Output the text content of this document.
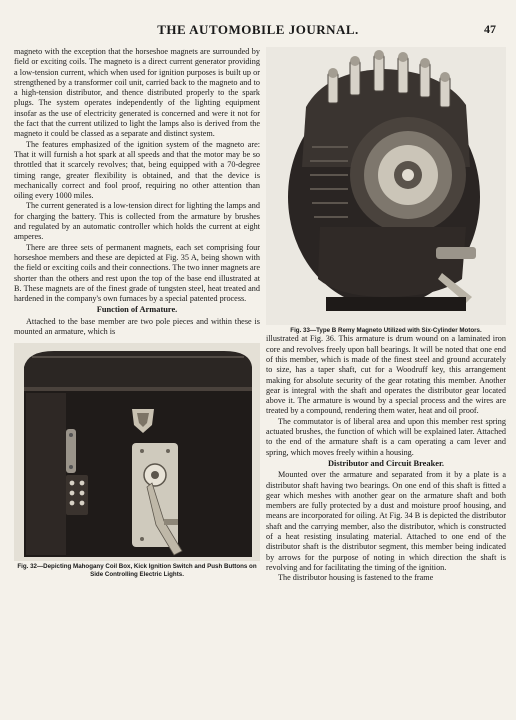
THE AUTOMOBILE JOURNAL.	47

magneto with the exception that the horseshoe magnets are surrounded by field or exciting coils. The magneto is a direct current generator providing a low-tension current, which when used for ignition purposes is built up or strengthened by a transformer coil unit, carried back to the magneto and to a high-tension distributor, and thence distributed properly to the spark plugs. The system operates independently of the lighting equipment insofar as the use of electricity generated is concerned and were it not for the fact that the current utilized to light the lamps also is derived from the magneto it could be classed as a separate and distinct system.

The features emphasized of the ignition system of the magneto are: That it will furnish a hot spark at all speeds and that the motor may be so throttled that it scarcely revolves; that, being equipped with a 70-degree timing range, greater flexibility is obtained, and that the device is mechanically correct and fool proof, requiring no other attention than oiling every 1000 miles.

The current generated is a low-tension direct for lighting the lamps and for charging the battery. This is collected from the armature by brushes and regulated by an automatic controller which holds the current at eight amperes.

There are three sets of permanent magnets, each set comprising four horseshoe members and these are depicted at Fig. 35 A, being shown with the field or exciting coils and their connections. The two inner magnets are shorter than the others and rest upon the top of the base end illustrated at B. These magnets are of the finest grade of tungsten steel, heat treated and hardened in the company's own furnaces by a special patented process.

Function of Armature.

Attached to the base member are two pole pieces and within these is mounted an armature, which is

Fig. 32—Depicting Mahogany Coil Box, Kick Ignition Switch and Push Buttons on Side Controlling Electric Lights.
Fig. 33—Type B Remy Magneto Utilized with Six-Cylinder Motors.

illustrated at Fig. 36. This armature is drum wound on a laminated iron core and revolves freely upon ball bearings. It will be noted that one end of this member, which is made of the finest steel and ground accurately to size, has a taper shaft, cut for a Woodruff key, this arrangement making for absolute security of the gear rotating this member. Another gear is integral with the shaft and operates the distributor gear located above it. The armature is wound by a special process and the wires are treated by a compound, rendering them water, heat and oil proof.

The commutator is of liberal area and upon this member rest spring actuated brushes, the function of which will be explained later. Attached to the end of the armature shaft is a cam operating a cam lever and spring, which moves freely within a housing.

Distributor and Circuit Breaker.

Mounted over the armature and separated from it by a plate is a distributor shaft having two bearings. On one end of this shaft is fitted a gear which meshes with another gear on the armature shaft and both members are fully protected by a dust and moisture proof housing, and means are incorporated for oiling. At Fig. 34 B is depicted the distributor shaft and the carrying member, also the distributor, which is constructed of a heat resisting insulating material. Attached to one end of the distributor shaft is the distributor segment, this member being indicated by arrows for the purpose of noting in which direction the shaft is revolving and for facilitating the timing of the ignition.

The distributor housing is fastened to the frame
